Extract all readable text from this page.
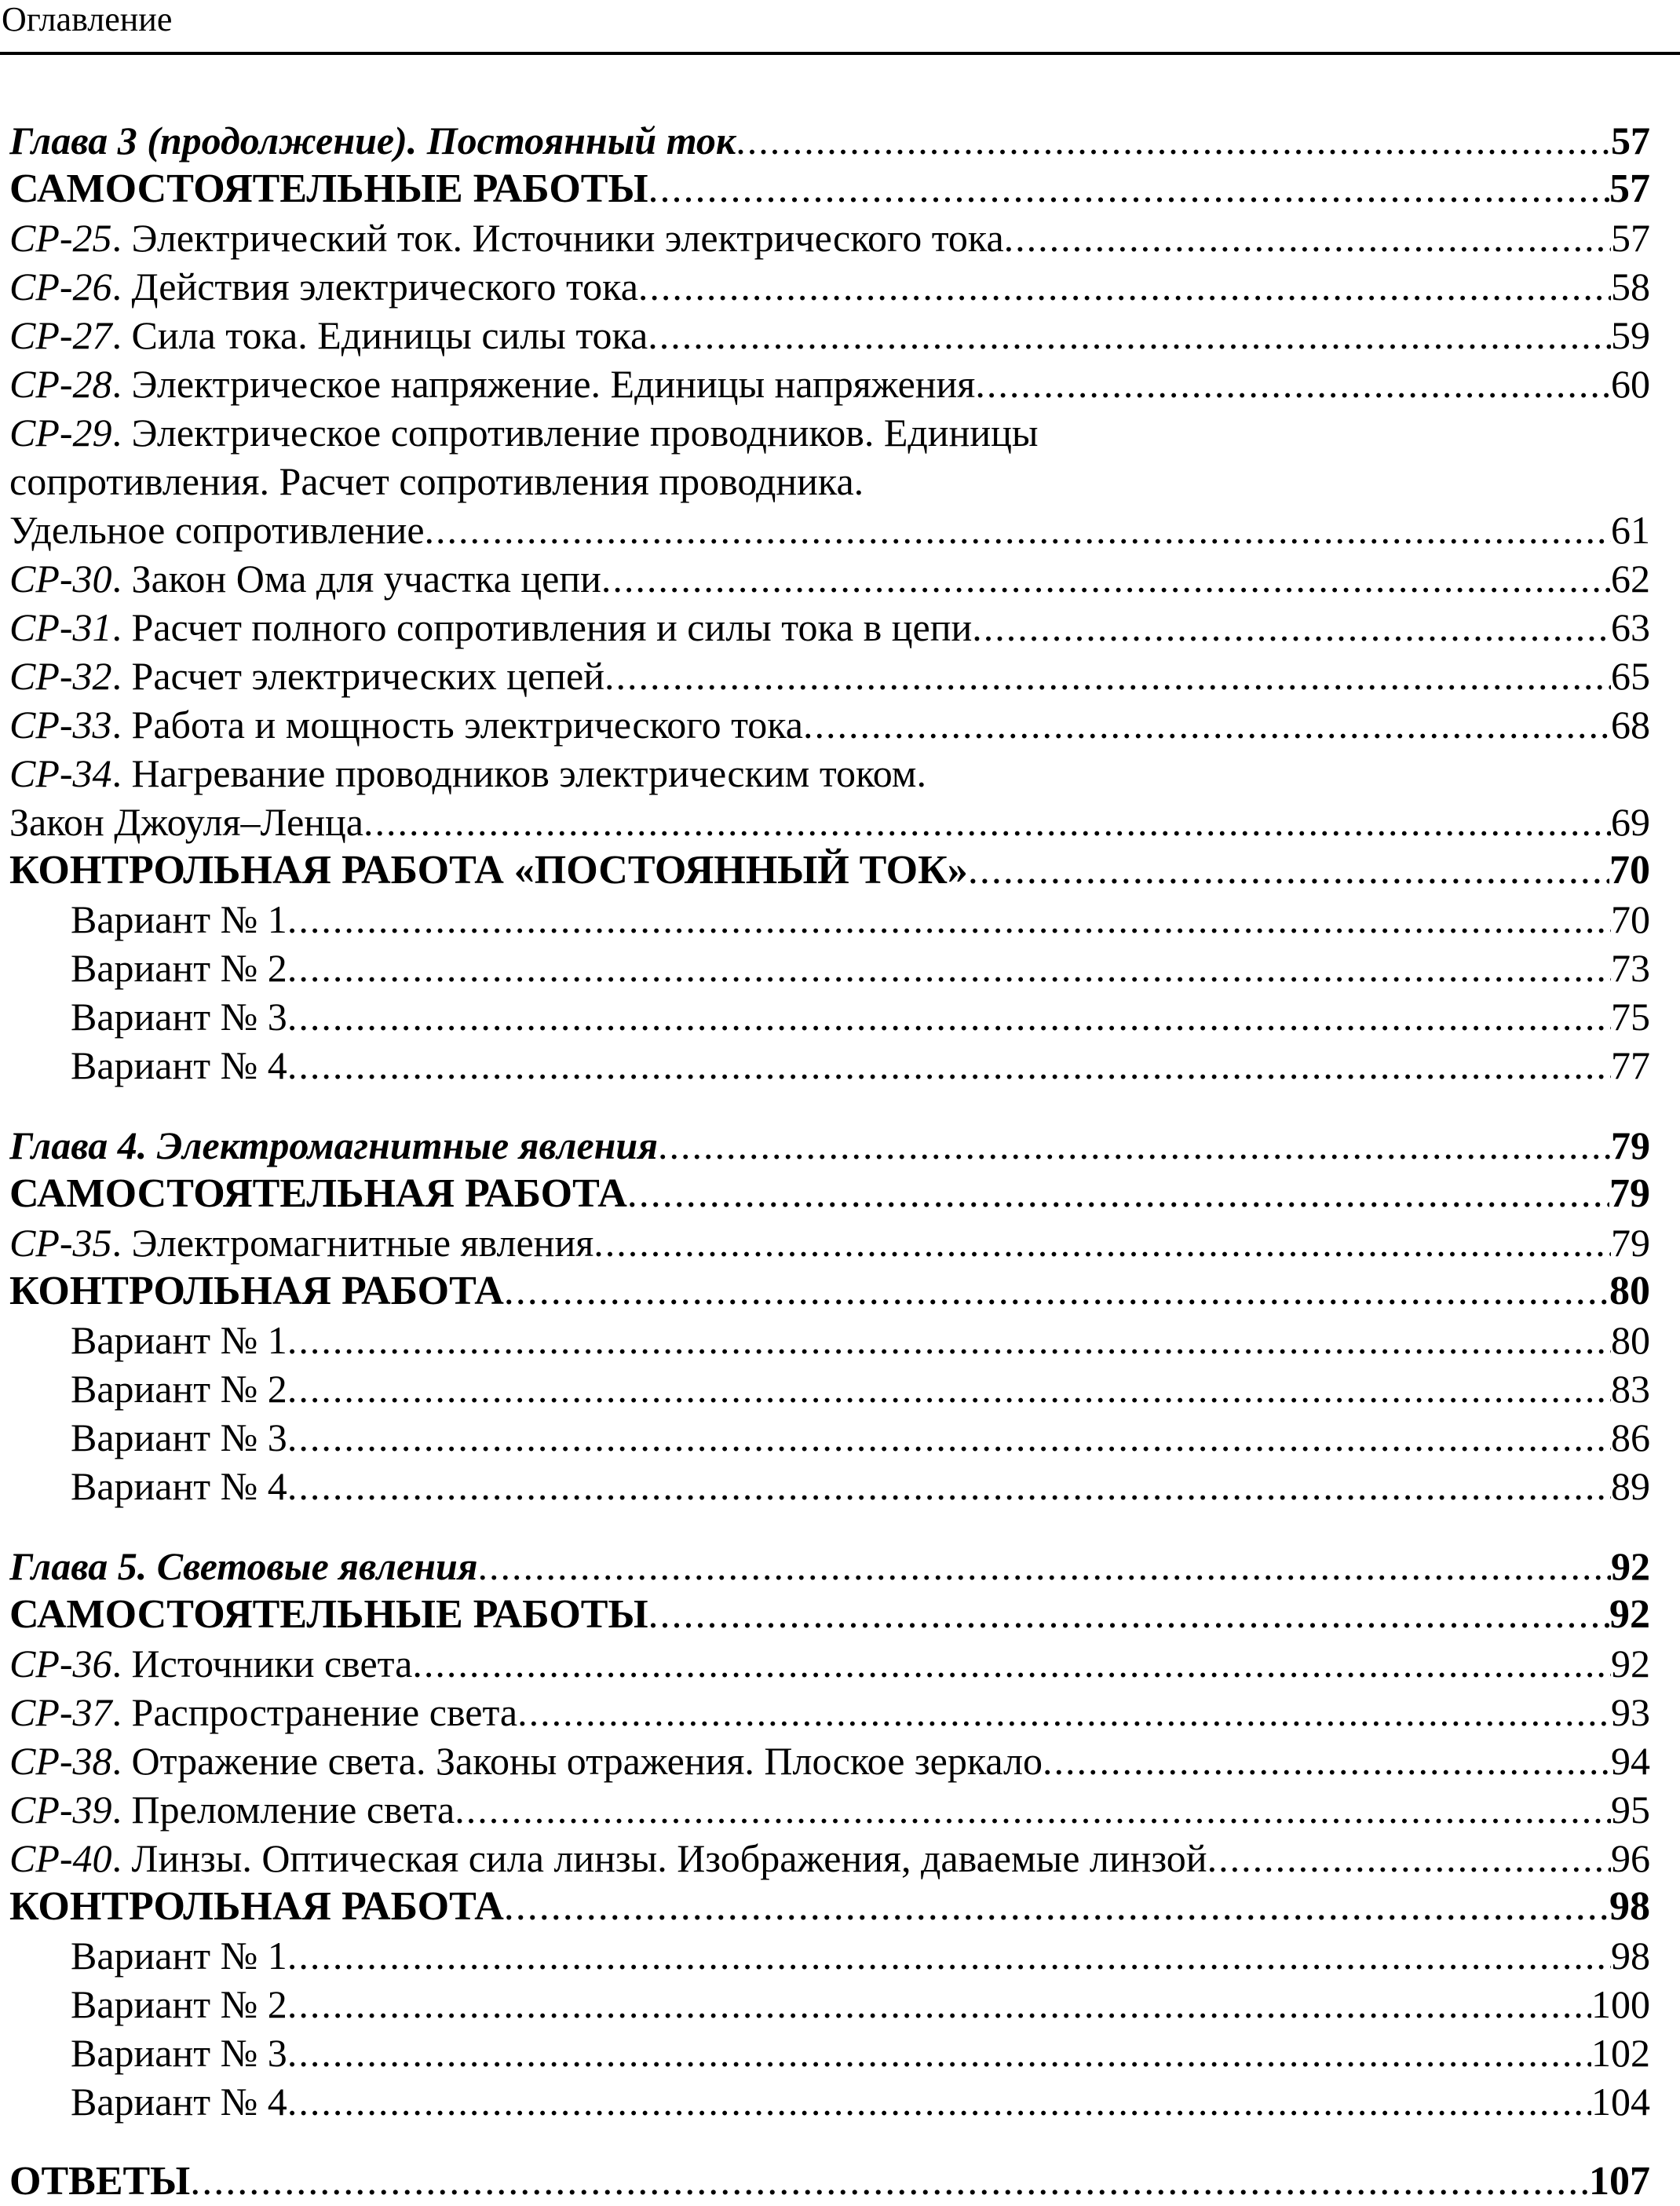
Оглавление
Глава 3 (продолжение). Постоянный ток .....	57
САМОСТОЯТЕЛЬНЫЕ РАБОТЫ .....	57
СР-25. Электрический ток. Источники электрического тока .....	57
СР-26. Действия электрического тока .....	58
СР-27. Сила тока. Единицы силы тока .....	59
СР-28. Электрическое напряжение. Единицы напряжения .....	60
СР-29. Электрическое сопротивление проводников. Единицы
сопротивления. Расчет сопротивления проводника.
Удельное сопротивление .....	61
СР-30. Закон Ома для участка цепи .....	62
СР-31. Расчет полного сопротивления и силы тока в цепи .....	63
СР-32. Расчет электрических цепей .....	65
СР-33. Работа и мощность электрического тока .....	68
СР-34. Нагревание проводников электрическим током.
Закон Джоуля–Ленца .....	69
КОНТРОЛЬНАЯ РАБОТА «ПОСТОЯННЫЙ ТОК» .....	70
Вариант № 1 .....	70
Вариант № 2 .....	73
Вариант № 3 .....	75
Вариант № 4 .....	77
Глава 4. Электромагнитные явления .....	79
САМОСТОЯТЕЛЬНАЯ РАБОТА .....	79
СР-35. Электромагнитные явления .....	79
КОНТРОЛЬНАЯ РАБОТА .....	80
Вариант № 1 .....	80
Вариант № 2 .....	83
Вариант № 3 .....	86
Вариант № 4 .....	89
Глава 5. Световые явления .....	92
САМОСТОЯТЕЛЬНЫЕ РАБОТЫ .....	92
СР-36. Источники света .....	92
СР-37. Распространение света .....	93
СР-38. Отражение света. Законы отражения. Плоское зеркало .....	94
СР-39. Преломление света .....	95
СР-40. Линзы. Оптическая сила линзы. Изображения, даваемые линзой .....	96
КОНТРОЛЬНАЯ РАБОТА .....	98
Вариант № 1 .....	98
Вариант № 2 .....	100
Вариант № 3 .....	102
Вариант № 4 .....	104
ОТВЕТЫ .....	107
